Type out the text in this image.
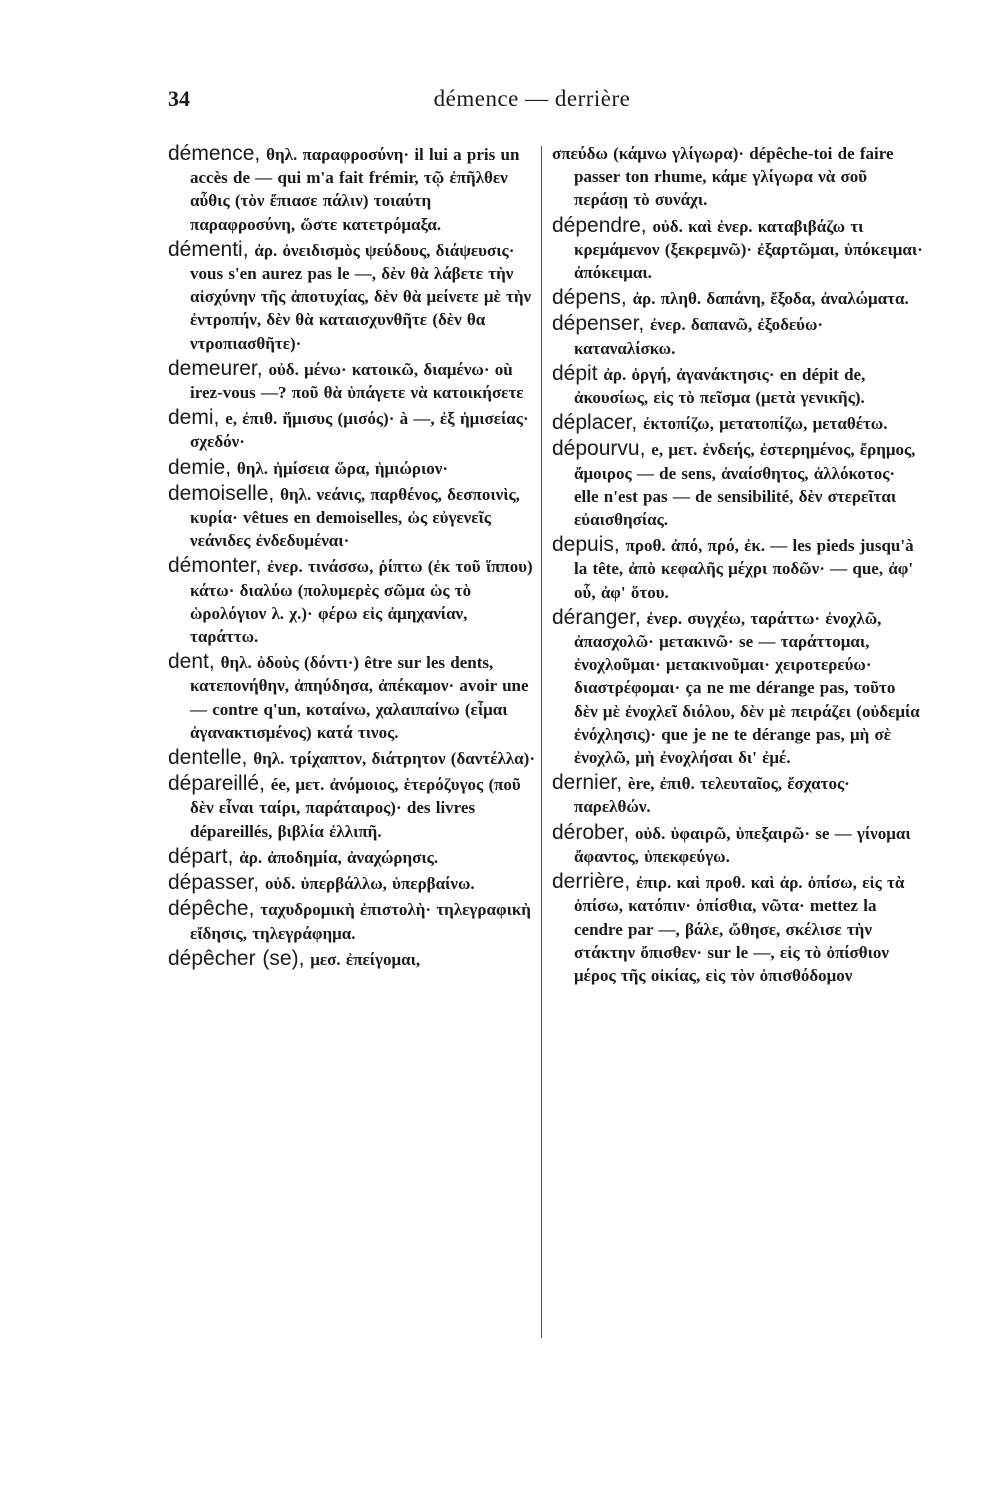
34	démence — derrière

démence, θηλ. παραφροσύνη· il lui a pris un accès de — qui m'a fait frémir, τῷ ἐπῆλθεν αὖθις (τὸν ἔπιασε πάλιν) τοιαύτη παραφροσύνη, ὥστε κατετρόμαξα.

démenti, ἀρ. ὀνειδισμὸς ψεύδους, διάψευσις· vous s'en aurez pas le —, δὲν θὰ λάβετε τὴν αἰσχύνην τῆς ἀποτυχίας, δὲν θὰ μείνετε μὲ τὴν ἐντροπήν, δὲν θὰ καταισχυνθῆτε (δὲν θα ντροπιασθῆτε)·

demeurer, οὐδ. μένω· κατοικῶ, διαμένω· où irez-vous —? ποῦ θὰ ὑπάγετε νὰ κατοικήσετε

demi, e, ἐπιθ. ἥμισυς (μισός)· à —, ἐξ ἡμισείας· σχεδόν·

demie, θηλ. ἡμίσεια ὥρα, ἡμιώριον·

demoiselle, θηλ. νεάνις, παρθένος, δεσποινὶς, κυρία· vêtues en demoiselles, ὡς εὐγενεῖς νεάνιδες ἐνδεδυμέναι·

démonter, ἐνερ. τινάσσω, ῥίπτω (ἐκ τοῦ ἵππου) κάτω· διαλύω (πολυμερὲς σῶμα ὡς τὸ ὡρολόγιον λ. χ.)· φέρω εἰς ἀμηχανίαν, ταράττω.

dent, θηλ. ὀδοὺς (δόντι·) être sur les dents, κατεπονήθην, ἀπηύδησα, ἀπέκαμον· avoir une — contre q'un, κοταίνω, χαλαιπαίνω (εἶμαι ἀγανακτισμένος) κατά τινος.

dentelle, θηλ. τρίχαπτον, διάτρητον (δαντέλλα)·

dépareillé, ée, μετ. ἀνόμοιος, ἑτερόζυγος (ποῦ δὲν εἶναι ταίρι, παράταιρος)· des livres dépareillés, βιβλία ἐλλιπῆ.

départ, ἀρ. ἀποδημία, ἀναχώρησις.

dépasser, οὐδ. ὑπερβάλλω, ὑπερβαίνω.

dépêche, ταχυδρομικὴ ἐπιστολὴ· τηλεγραφικὴ εἴδησις, τηλεγράφημα.

dépêcher (se), μεσ. ἐπείγομαι,

σπεύδω (κάμνω γλίγωρα)· dépêche-toi de faire passer ton rhume, κάμε γλίγωρα νὰ σοῦ περάσῃ τὸ συνάχι.

dépendre, οὐδ. καὶ ἐνερ. καταβιβάζω τι κρεμάμενον (ξεκρεμνῶ)· ἐξαρτῶμαι, ὑπόκειμαι· ἀπόκειμαι.

dépens, ἀρ. πληθ. δαπάνη, ἔξοδα, ἀναλώματα.

dépenser, ἐνερ. δαπανῶ, ἐξοδεύω· καταναλίσκω.

dépit ἀρ. ὀργή, ἀγανάκτησις· en dépit de, ἀκουσίως, εἰς τὸ πεῖσμα (μετὰ γενικῆς).

déplacer, ἐκτοπίζω, μετατοπίζω, μεταθέτω.

dépourvu, e, μετ. ἐνδεής, ἐστερημένος, ἔρημος, ἄμοιρος — de sens, ἀναίσθητος, ἀλλόκοτος· elle n'est pas — de sensibilité, δὲν στερεῖται εὐαισθησίας.

depuis, προθ. ἀπό, πρό, ἐκ. — les pieds jusqu'à la tête, ἀπὸ κεφαλῆς μέχρι ποδῶν· — que, ἀφ' οὗ, ἀφ' ὅτου.

déranger, ἐνερ. συγχέω, ταράττω· ἐνοχλῶ, ἀπασχολῶ· μετακινῶ· se — ταράττομαι, ἐνοχλοῦμαι· μετακινοῦμαι· χειροτερεύω· διαστρέφομαι· ça ne me dérange pas, τοῦτο δὲν μὲ ἐνοχλεῖ διόλου, δὲν μὲ πειράζει (οὐδεμία ἐνόχλησις)· que je ne te dérange pas, μὴ σὲ ἐνοχλῶ, μὴ ἐνοχλήσαι δι' ἐμέ.

dernier, ère, ἐπιθ. τελευταῖος, ἔσχατος· παρελθών.

dérober, οὐδ. ὑφαιρῶ, ὑπεξαιρῶ· se — γίνομαι ἄφαντος, ὑπεκφεύγω.

derrière, ἐπιρ. καὶ προθ. καὶ ἀρ. ὀπίσω, εἰς τὰ ὀπίσω, κατόπιν· ὀπίσθια, νῶτα· mettez la cendre par —, βάλε, ὤθησε, σκέλισε τὴν στάκτην ὄπισθεν· sur le —, εἰς τὸ ὀπίσθιον μέρος τῆς οἰκίας, εἰς τὸν ὀπισθόδομον
